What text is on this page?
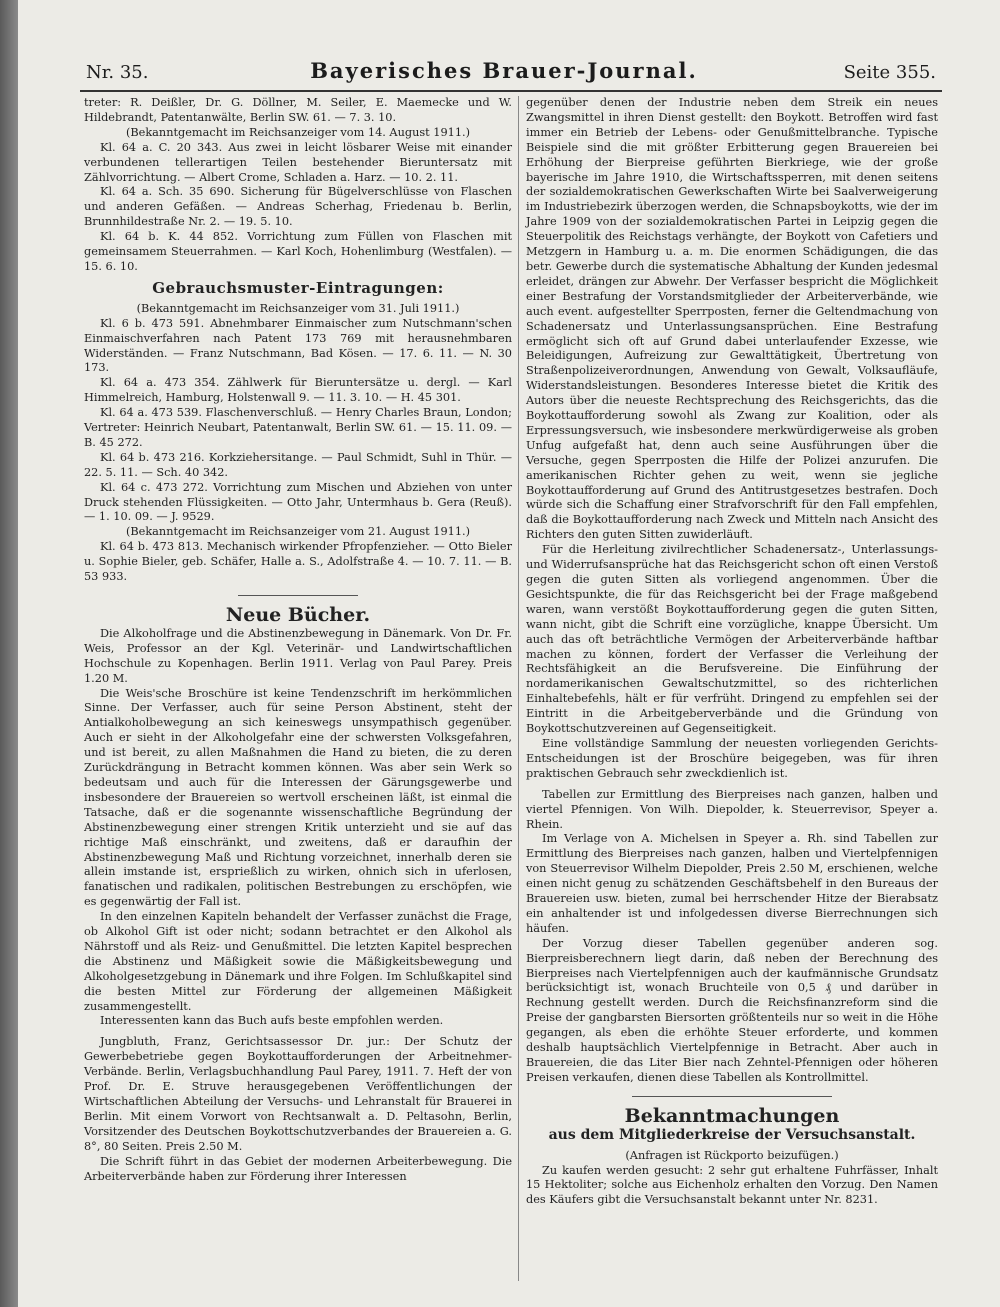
Nr. 35.	Bayerisches Brauer-Journal.	Seite 355.

treter: R. Deißler, Dr. G. Döllner, M. Seiler, E. Maemecke und W. Hildebrandt, Patentanwälte, Berlin SW. 61. — 7. 3. 10.

(Bekanntgemacht im Reichsanzeiger vom 14. August 1911.)

Kl. 64 a. C. 20 343. Aus zwei in leicht lösbarer Weise mit einander verbundenen tellerartigen Teilen bestehender Bieruntersatz mit Zählvorrichtung. — Albert Crome, Schladen a. Harz. — 10. 2. 11.

Kl. 64 a. Sch. 35 690. Sicherung für Bügelverschlüsse von Flaschen und anderen Gefäßen. — Andreas Scherhag, Friedenau b. Berlin, Brunnhildestraße Nr. 2. — 19. 5. 10.

Kl. 64 b. K. 44 852. Vorrichtung zum Füllen von Flaschen mit gemeinsamem Steuerrahmen. — Karl Koch, Hohenlimburg (Westfalen). — 15. 6. 10.

Gebrauchsmuster-Eintragungen:

(Bekanntgemacht im Reichsanzeiger vom 31. Juli 1911.)

Kl. 6 b. 473 591. Abnehmbarer Einmaischer zum Nutschmann'schen Einmaischverfahren nach Patent 173 769 mit herausnehmbaren Widerständen. — Franz Nutschmann, Bad Kösen. — 17. 6. 11. — N. 30 173.

Kl. 64 a. 473 354. Zählwerk für Bieruntersätze u. dergl. — Karl Himmelreich, Hamburg, Holstenwall 9. — 11. 3. 10. — H. 45 301.

Kl. 64 a. 473 539. Flaschenverschluß. — Henry Charles Braun, London; Vertreter: Heinrich Neubart, Patentanwalt, Berlin SW. 61. — 15. 11. 09. — B. 45 272.

Kl. 64 b. 473 216. Korkziehersitange. — Paul Schmidt, Suhl in Thür. — 22. 5. 11. — Sch. 40 342.

Kl. 64 c. 473 272. Vorrichtung zum Mischen und Abziehen von unter Druck stehenden Flüssigkeiten. — Otto Jahr, Untermhaus b. Gera (Reuß). — 1. 10. 09. — J. 9529.

(Bekanntgemacht im Reichsanzeiger vom 21. August 1911.)

Kl. 64 b. 473 813. Mechanisch wirkender Pfropfenzieher. — Otto Bieler u. Sophie Bieler, geb. Schäfer, Halle a. S., Adolfstraße 4. — 10. 7. 11. — B. 53 933.

Neue Bücher.

Die Alkoholfrage und die Abstinenzbewegung in Dänemark. Von Dr. Fr. Weis, Professor an der Kgl. Veterinär- und Landwirtschaftlichen Hochschule zu Kopenhagen. Berlin 1911. Verlag von Paul Parey. Preis 1.20 M.

Die Weis'sche Broschüre ist keine Tendenzschrift im herkömmlichen Sinne. Der Verfasser, auch für seine Person Abstinent, steht der Antialkoholbewegung an sich keineswegs unsympathisch gegenüber. Auch er sieht in der Alkoholgefahr eine der schwersten Volksgefahren, und ist bereit, zu allen Maßnahmen die Hand zu bieten, die zu deren Zurückdrängung in Betracht kommen können. Was aber sein Werk so bedeutsam und auch für die Interessen der Gärungsgewerbe und insbesondere der Brauereien so wertvoll erscheinen läßt, ist einmal die Tatsache, daß er die sogenannte wissenschaftliche Begründung der Abstinenzbewegung einer strengen Kritik unterzieht und sie auf das richtige Maß einschränkt, und zweitens, daß er daraufhin der Abstinenzbewegung Maß und Richtung vorzeichnet, innerhalb deren sie allein imstande ist, ersprießlich zu wirken, ohnich sich in uferlosen, fanatischen und radikalen, politischen Bestrebungen zu erschöpfen, wie es gegenwärtig der Fall ist.

In den einzelnen Kapiteln behandelt der Verfasser zunächst die Frage, ob Alkohol Gift ist oder nicht; sodann betrachtet er den Alkohol als Nährstoff und als Reiz- und Genußmittel. Die letzten Kapitel besprechen die Abstinenz und Mäßigkeit sowie die Mäßigkeitsbewegung und Alkoholgesetzgebung in Dänemark und ihre Folgen. Im Schlußkapitel sind die besten Mittel zur Förderung der allgemeinen Mäßigkeit zusammengestellt.

Interessenten kann das Buch aufs beste empfohlen werden.

Jungbluth, Franz, Gerichtsassessor Dr. jur.: Der Schutz der Gewerbebetriebe gegen Boykottaufforderungen der Arbeitnehmer-Verbände. Berlin, Verlagsbuchhandlung Paul Parey, 1911. 7. Heft der von Prof. Dr. E. Struve herausgegebenen Veröffentlichungen der Wirtschaftlichen Abteilung der Versuchs- und Lehranstalt für Brauerei in Berlin. Mit einem Vorwort von Rechtsanwalt a. D. Peltasohn, Berlin, Vorsitzender des Deutschen Boykottschutzverbandes der Brauereien a. G. 8°, 80 Seiten. Preis 2.50 M.

Die Schrift führt in das Gebiet der modernen Arbeiterbewegung. Die Arbeiterverbände haben zur Förderung ihrer Interessen

gegenüber denen der Industrie neben dem Streik ein neues Zwangsmittel in ihren Dienst gestellt: den Boykott. Betroffen wird fast immer ein Betrieb der Lebens- oder Genußmittelbranche. Typische Beispiele sind die mit größter Erbitterung gegen Brauereien bei Erhöhung der Bierpreise geführten Bierkriege, wie der große bayerische im Jahre 1910, die Wirtschaftssperren, mit denen seitens der sozialdemokratischen Gewerkschaften Wirte bei Saalverweigerung im Industriebezirk überzogen werden, die Schnapsboykotts, wie der im Jahre 1909 von der sozialdemokratischen Partei in Leipzig gegen die Steuerpolitik des Reichstags verhängte, der Boykott von Cafetiers und Metzgern in Hamburg u. a. m. Die enormen Schädigungen, die das betr. Gewerbe durch die systematische Abhaltung der Kunden jedesmal erleidet, drängen zur Abwehr. Der Verfasser bespricht die Möglichkeit einer Bestrafung der Vorstandsmitglieder der Arbeiterverbände, wie auch event. aufgestellter Sperrposten, ferner die Geltendmachung von Schadenersatz und Unterlassungsansprüchen. Eine Bestrafung ermöglicht sich oft auf Grund dabei unterlaufender Exzesse, wie Beleidigungen, Aufreizung zur Gewalttätigkeit, Übertretung von Straßenpolizeiverordnungen, Anwendung von Gewalt, Volksaufläufe, Widerstandsleistungen. Besonderes Interesse bietet die Kritik des Autors über die neueste Rechtsprechung des Reichsgerichts, das die Boykottaufforderung sowohl als Zwang zur Koalition, oder als Erpressungsversuch, wie insbesondere merkwürdigerweise als groben Unfug aufgefaßt hat, denn auch seine Ausführungen über die Versuche, gegen Sperrposten die Hilfe der Polizei anzurufen. Die amerikanischen Richter gehen zu weit, wenn sie jegliche Boykottaufforderung auf Grund des Antitrustgesetzes bestrafen. Doch würde sich die Schaffung einer Strafvorschrift für den Fall empfehlen, daß die Boykottaufforderung nach Zweck und Mitteln nach Ansicht des Richters den guten Sitten zuwiderläuft.

Für die Herleitung zivilrechtlicher Schadenersatz-, Unterlassungs- und Widerrufsansprüche hat das Reichsgericht schon oft einen Verstoß gegen die guten Sitten als vorliegend angenommen. Über die Gesichtspunkte, die für das Reichsgericht bei der Frage maßgebend waren, wann verstößt Boykottaufforderung gegen die guten Sitten, wann nicht, gibt die Schrift eine vorzügliche, knappe Übersicht. Um auch das oft beträchtliche Vermögen der Arbeiterverbände haftbar machen zu können, fordert der Verfasser die Verleihung der Rechtsfähigkeit an die Berufsvereine. Die Einführung der nordamerikanischen Gewaltschutzmittel, so des richterlichen Einhaltebefehls, hält er für verfrüht. Dringend zu empfehlen sei der Eintritt in die Arbeitgeberverbände und die Gründung von Boykottschutzvereinen auf Gegenseitigkeit.

Eine vollständige Sammlung der neuesten vorliegenden Gerichts-Entscheidungen ist der Broschüre beigegeben, was für ihren praktischen Gebrauch sehr zweckdienlich ist.

Tabellen zur Ermittlung des Bierpreises nach ganzen, halben und viertel Pfennigen. Von Wilh. Diepolder, k. Steuerrevisor, Speyer a. Rhein.

Im Verlage von A. Michelsen in Speyer a. Rh. sind Tabellen zur Ermittlung des Bierpreises nach ganzen, halben und Viertelpfennigen von Steuerrevisor Wilhelm Diepolder, Preis 2.50 M, erschienen, welche einen nicht genug zu schätzenden Geschäftsbehelf in den Bureaus der Brauereien usw. bieten, zumal bei herrschender Hitze der Bierabsatz ein anhaltender ist und infolgedessen diverse Bierrechnungen sich häufen.

Der Vorzug dieser Tabellen gegenüber anderen sog. Bierpreisberechnern liegt darin, daß neben der Berechnung des Bierpreises nach Viertelpfennigen auch der kaufmännische Grundsatz berücksichtigt ist, wonach Bruchteile von 0,5 ₰ und darüber in Rechnung gestellt werden. Durch die Reichsfinanzreform sind die Preise der gangbarsten Biersorten größtenteils nur so weit in die Höhe gegangen, als eben die erhöhte Steuer erforderte, und kommen deshalb hauptsächlich Viertelpfennige in Betracht. Aber auch in Brauereien, die das Liter Bier nach Zehntel-Pfennigen oder höheren Preisen verkaufen, dienen diese Tabellen als Kontrollmittel.

Bekanntmachungen
aus dem Mitgliederkreise der Versuchsanstalt.

(Anfragen ist Rückporto beizufügen.)

Zu kaufen werden gesucht: 2 sehr gut erhaltene Fuhrfässer, Inhalt 15 Hektoliter; solche aus Eichenholz erhalten den Vorzug. Den Namen des Käufers gibt die Versuchsanstalt bekannt unter Nr. 8231.
